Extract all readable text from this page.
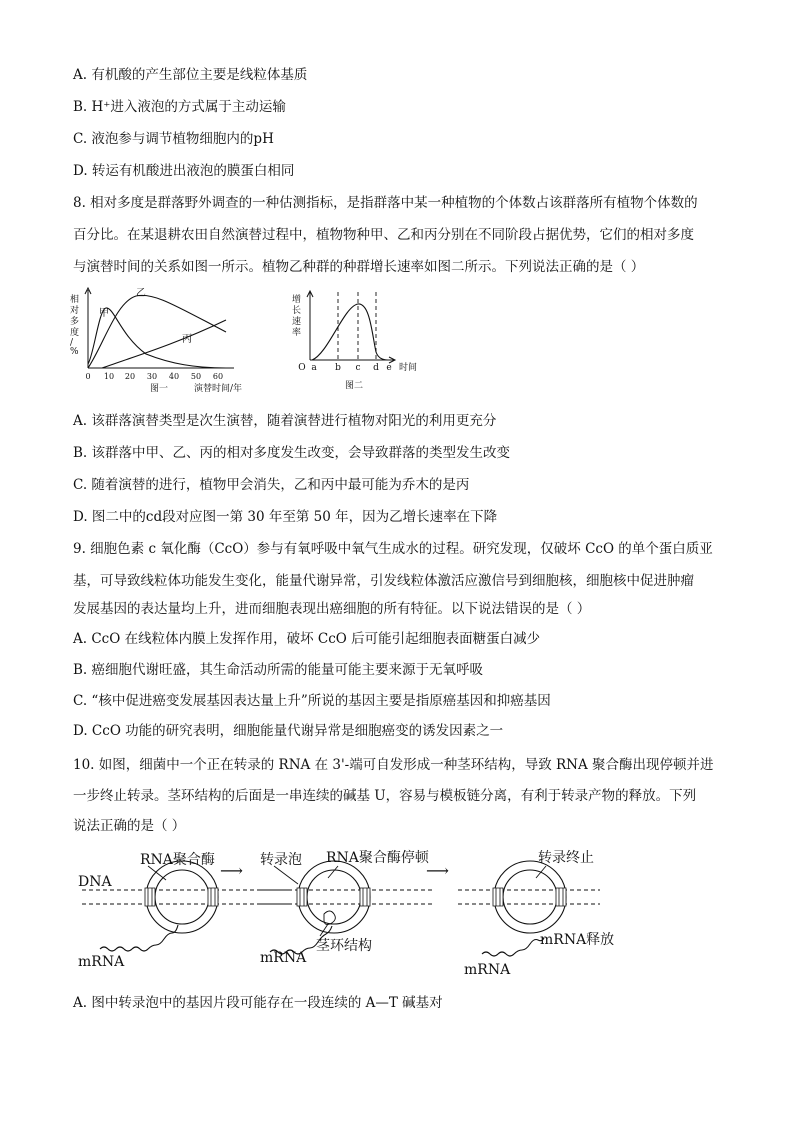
A. 有机酸的产生部位主要是线粒体基质
B. H⁺进入液泡的方式属于主动运输
C. 液泡参与调节植物细胞内的pH
D. 转运有机酸进出液泡的膜蛋白相同
8. 相对多度是群落野外调查的一种估测指标，是指群落中某一种植物的个体数占该群落所有植物个体数的
百分比。在某退耕农田自然演替过程中，植物物种甲、乙和丙分别在不同阶段占据优势，它们的相对多度
与演替时间的关系如图一所示。植物乙种群的种群增长速率如图二所示。下列说法正确的是（ ）
相
对
多
度
/
%
甲
乙
丙
0 10 20 30 40 50 60
图一	演替时间/年
增
长
速
率
O a b c d e 时间
图二
A. 该群落演替类型是次生演替，随着演替进行植物对阳光的利用更充分
B. 该群落中甲、乙、丙的相对多度发生改变，会导致群落的类型发生改变
C. 随着演替的进行，植物甲会消失，乙和丙中最可能为乔木的是丙
D. 图二中的cd段对应图一第 30 年至第 50 年，因为乙增长速率在下降
9. 细胞色素 c 氧化酶（CcO）参与有氧呼吸中氧气生成水的过程。研究发现，仅破坏 CcO 的单个蛋白质亚
基，可导致线粒体功能发生变化，能量代谢异常，引发线粒体激活应激信号到细胞核，细胞核中促进肿瘤
发展基因的表达量均上升，进而细胞表现出癌细胞的所有特征。以下说法错误的是（ ）
A. CcO 在线粒体内膜上发挥作用，破坏 CcO 后可能引起细胞表面糖蛋白减少
B. 癌细胞代谢旺盛，其生命活动所需的能量可能主要来源于无氧呼吸
C. “核中促进癌变发展基因表达量上升”所说的基因主要是指原癌基因和抑癌基因
D. CcO 功能的研究表明，细胞能量代谢异常是细胞癌变的诱发因素之一
10. 如图，细菌中一个正在转录的 RNA 在 3'-端可自发形成一种茎环结构，导致 RNA 聚合酶出现停顿并进
一步终止转录。茎环结构的后面是一串连续的碱基 U，容易与模板链分离，有利于转录产物的释放。下列
说法正确的是（ ）
DNA
RNA聚合酶
mRNA
⟶
转录泡 RNA聚合酶停顿
mRNA
茎环结构
⟶
转录终止
mRNA释放
mRNA
A. 图中转录泡中的基因片段可能存在一段连续的 A—T 碱基对
